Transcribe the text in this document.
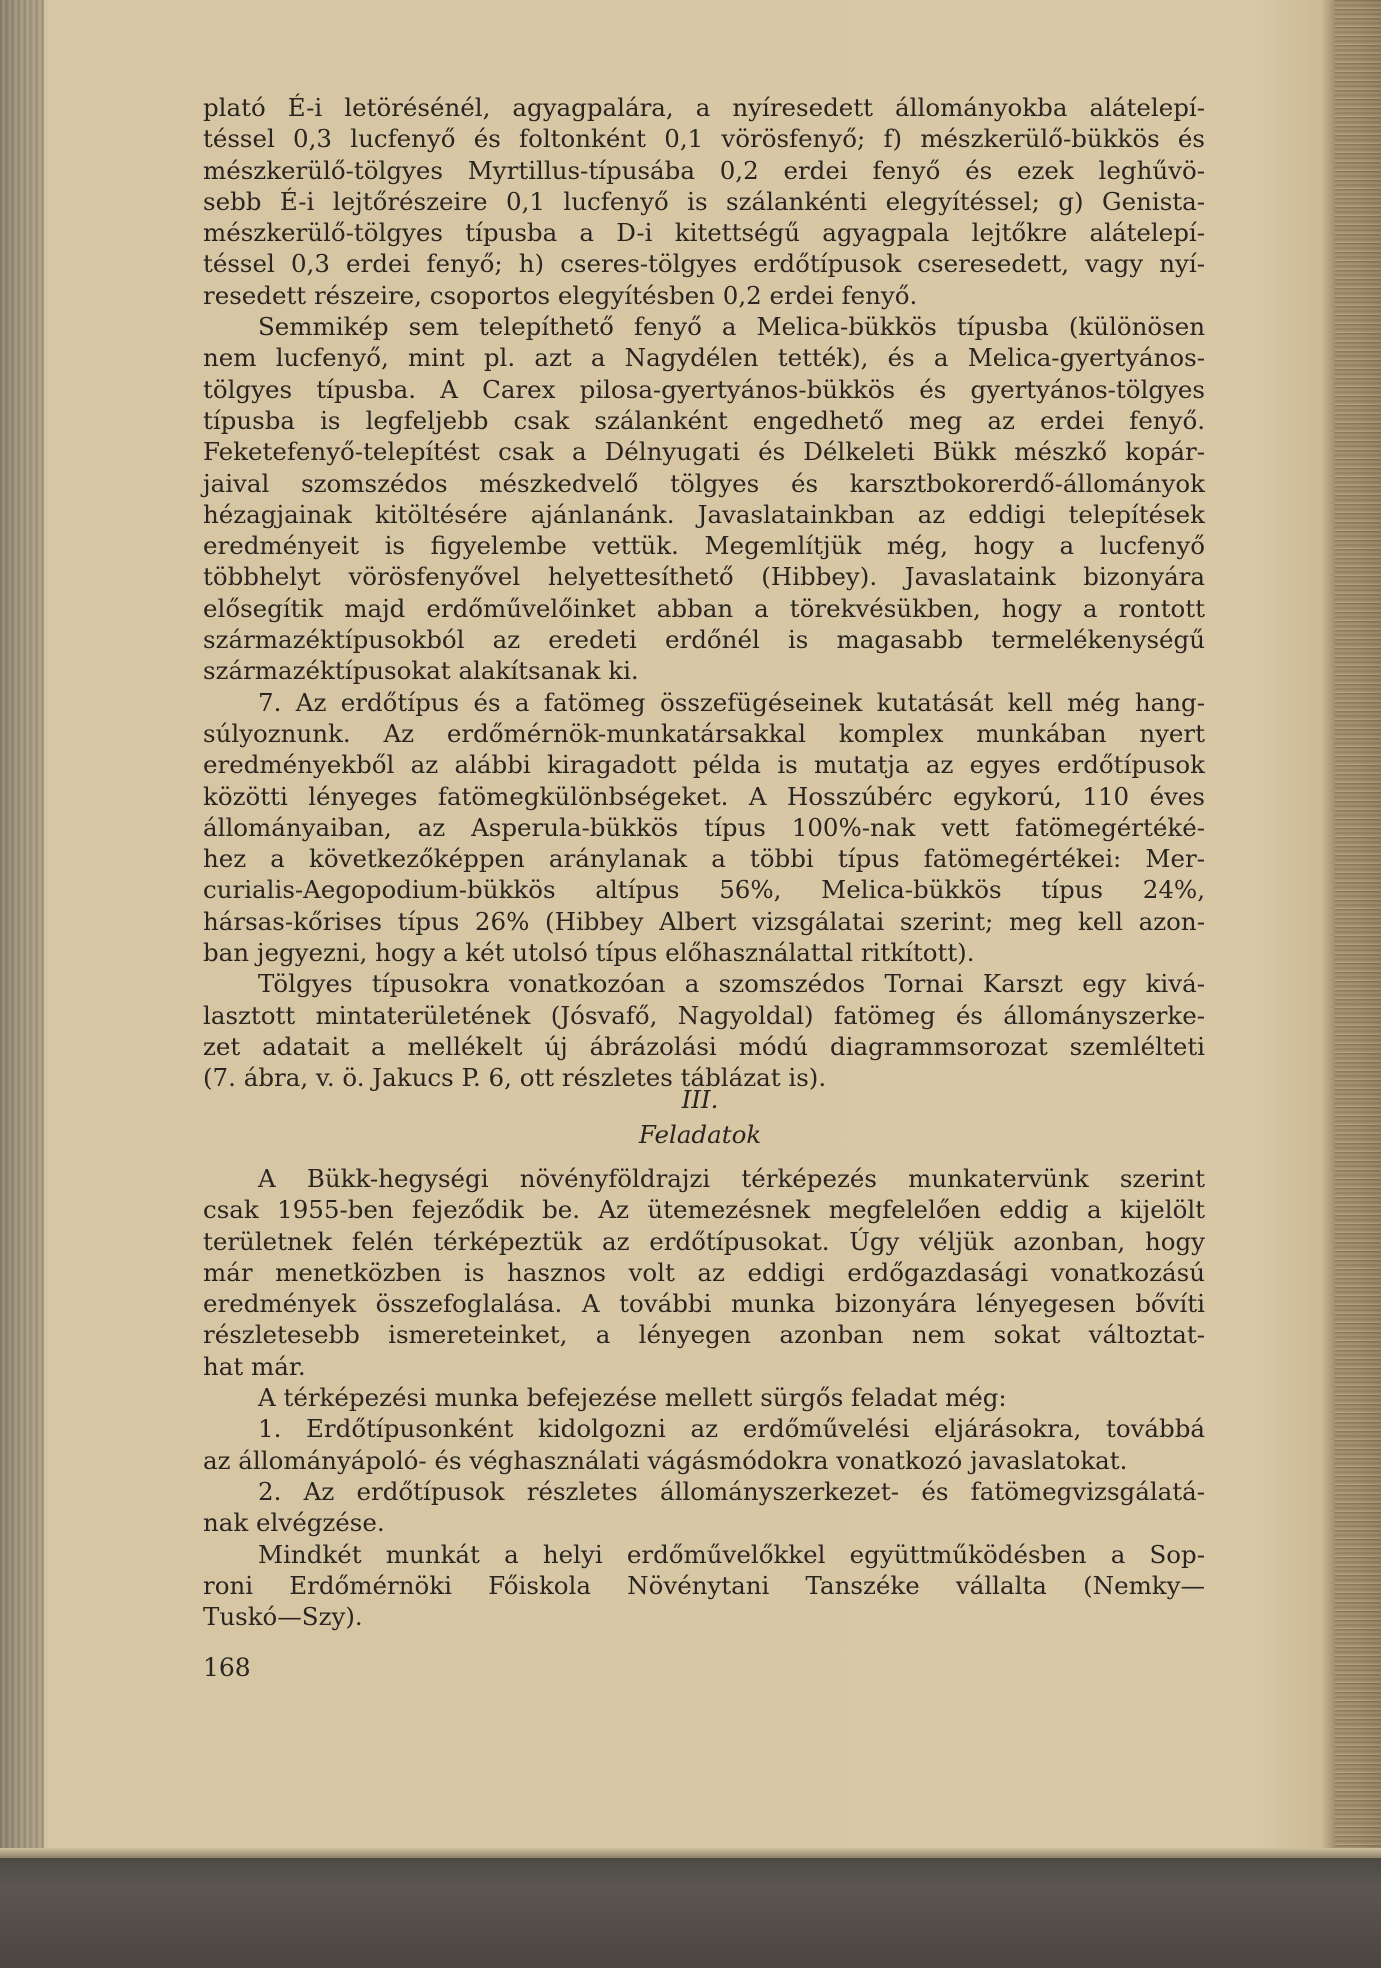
plató É-i letörésénél, agyagpalára, a nyíresedett állományokba alátelepí-
téssel 0,3 lucfenyő és foltonként 0,1 vörösfenyő; f) mészkerülő-bükkös és
mészkerülő-tölgyes Myrtillus-típusába 0,2 erdei fenyő és ezek leghűvö-
sebb É-i lejtőrészeire 0,1 lucfenyő is szálankénti elegyítéssel; g) Genista-
mészkerülő-tölgyes típusba a D-i kitettségű agyagpala lejtőkre alátelepí-
téssel 0,3 erdei fenyő; h) cseres-tölgyes erdőtípusok cseresedett, vagy nyí-
resedett részeire, csoportos elegyítésben 0,2 erdei fenyő.

Semmikép sem telepíthető fenyő a Melica-bükkös típusba (különösen
nem lucfenyő, mint pl. azt a Nagydélen tették), és a Melica-gyertyános-
tölgyes típusba. A Carex pilosa-gyertyános-bükkös és gyertyános-tölgyes
típusba is legfeljebb csak szálanként engedhető meg az erdei fenyő.
Feketefenyő-telepítést csak a Délnyugati és Délkeleti Bükk mészkő kopár-
jaival szomszédos mészkedvelő tölgyes és karsztbokorerdő-állományok
hézagjainak kitöltésére ajánlanánk. Javaslatainkban az eddigi telepítések
eredményeit is figyelembe vettük. Megemlítjük még, hogy a lucfenyő
többhelyt vörösfenyővel helyettesíthető (Hibbey). Javaslataink bizonyára
elősegítik majd erdőművelőinket abban a törekvésükben, hogy a rontott
származéktípusokból az eredeti erdőnél is magasabb termelékenységű
származéktípusokat alakítsanak ki.

7. Az erdőtípus és a fatömeg összefügéseinek kutatását kell még hang-
súlyoznunk. Az erdőmérnök-munkatársakkal komplex munkában nyert
eredményekből az alábbi kiragadott példa is mutatja az egyes erdőtípusok
közötti lényeges fatömegkülönbségeket. A Hosszúbérc egykorú, 110 éves
állományaiban, az Asperula-bükkös típus 100%-nak vett fatömegértéké-
hez a következőképpen aránylanak a többi típus fatömegértékei: Mer-
curialis-Aegopodium-bükkös altípus 56%, Melica-bükkös típus 24%,
hársas-kőrises típus 26% (Hibbey Albert vizsgálatai szerint; meg kell azon-
ban jegyezni, hogy a két utolsó típus előhasználattal ritkított).

Tölgyes típusokra vonatkozóan a szomszédos Tornai Karszt egy kivá-
lasztott mintaterületének (Jósvafő, Nagyoldal) fatömeg és állományszerke-
zet adatait a mellékelt új ábrázolási módú diagrammsorozat szemlélteti
(7. ábra, v. ö. Jakucs P. 6, ott részletes táblázat is).

III.
Feladatok

A Bükk-hegységi növényföldrajzi térképezés munkatervünk szerint
csak 1955-ben fejeződik be. Az ütemezésnek megfelelően eddig a kijelölt
területnek felén térképeztük az erdőtípusokat. Úgy véljük azonban, hogy
már menetközben is hasznos volt az eddigi erdőgazdasági vonatkozású
eredmények összefoglalása. A további munka bizonyára lényegesen bővíti
részletesebb ismereteinket, a lényegen azonban nem sokat változtat-
hat már.

A térképezési munka befejezése mellett sürgős feladat még:

1. Erdőtípusonként kidolgozni az erdőművelési eljárásokra, továbbá
az állományápoló- és véghasználati vágásmódokra vonatkozó javaslatokat.

2. Az erdőtípusok részletes állományszerkezet- és fatömegvizsgálatá-
nak elvégzése.

Mindkét munkát a helyi erdőművelőkkel együttműködésben a Sop-
roni Erdőmérnöki Főiskola Növénytani Tanszéke vállalta (Nemky—
Tuskó—Szy).

168
